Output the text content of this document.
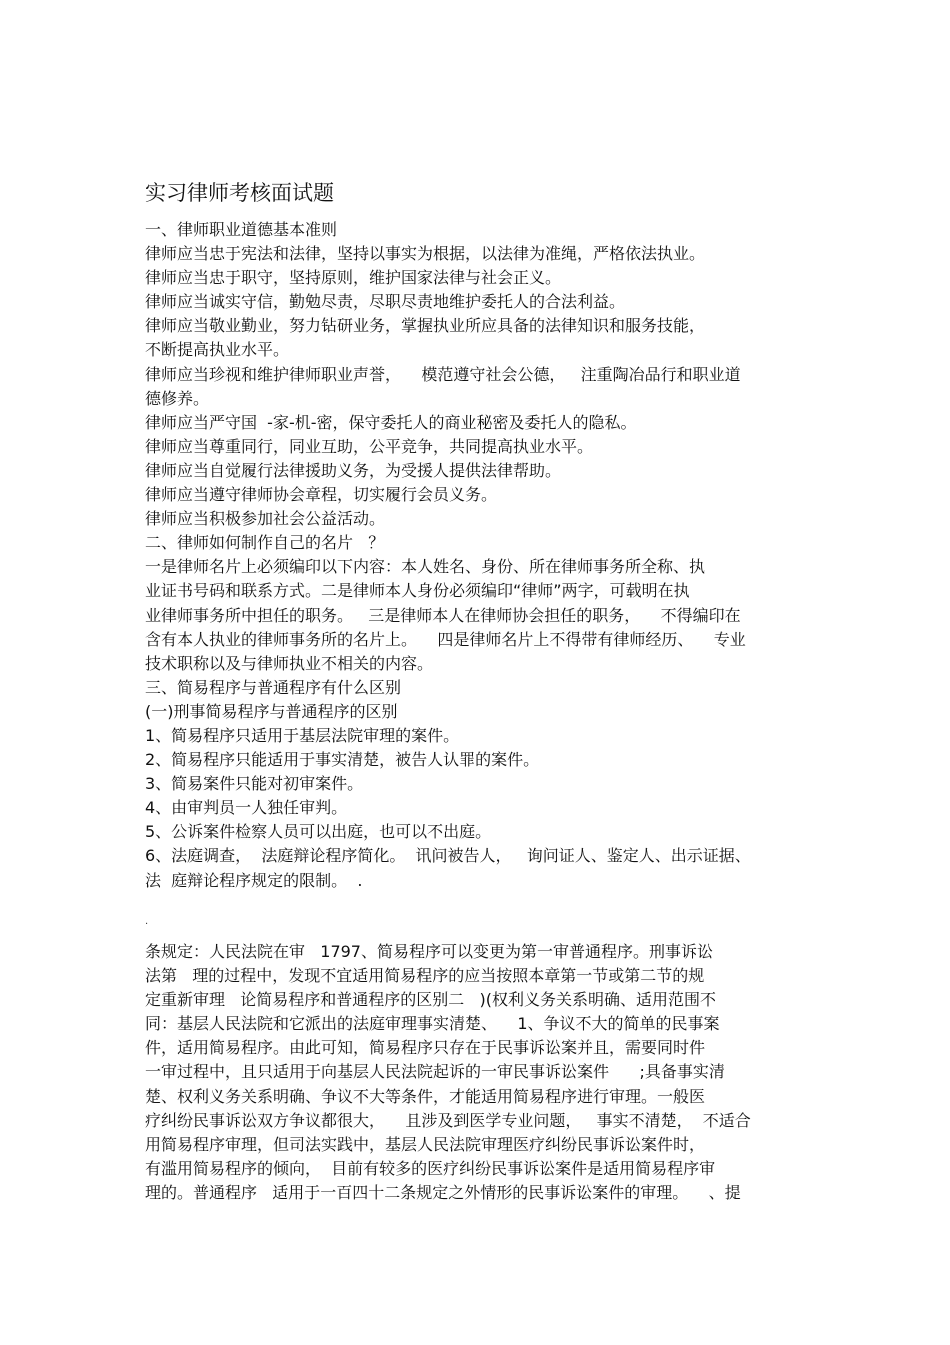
实习律师考核面试题
一、律师职业道德基本准则
律师应当忠于宪法和法律，坚持以事实为根据，以法律为准绳，严格依法执业。
律师应当忠于职守，坚持原则，维护国家法律与社会正义。
律师应当诚实守信，勤勉尽责，尽职尽责地维护委托人的合法利益。
律师应当敬业勤业，努力钻研业务，掌握执业所应具备的法律知识和服务技能，
不断提高执业水平。
律师应当珍视和维护律师职业声誉，    模范遵守社会公德，   注重陶冶品行和职业道
德修养。
律师应当严守国  -家-机-密，保守委托人的商业秘密及委托人的隐私。
律师应当尊重同行，同业互助，公平竞争，共同提高执业水平。
律师应当自觉履行法律援助义务，为受援人提供法律帮助。
律师应当遵守律师协会章程，切实履行会员义务。
律师应当积极参加社会公益活动。
二、律师如何制作自己的名片   ？
一是律师名片上必须编印以下内容：本人姓名、身份、所在律师事务所全称、执
业证书号码和联系方式。二是律师本人身份必须编印“律师”两字，可载明在执
业律师事务所中担任的职务。   三是律师本人在律师协会担任的职务，    不得编印在
含有本人执业的律师事务所的名片上。    四是律师名片上不得带有律师经历、    专业
技术职称以及与律师执业不相关的内容。
三、简易程序与普通程序有什么区别
(一)刑事简易程序与普通程序的区别
1、简易程序只适用于基层法院审理的案件。
2、简易程序只能适用于事实清楚，被告人认罪的案件。
3、简易案件只能对初审案件。
4、由审判员一人独任审判。
5、公诉案件检察人员可以出庭，也可以不出庭。
6、法庭调查，  法庭辩论程序简化。  讯问被告人，   询问证人、鉴定人、出示证据、
法  庭辩论程序规定的限制。  .
.
条规定：人民法院在审   1797、简易程序可以变更为第一审普通程序。刑事诉讼
法第   理的过程中，发现不宜适用简易程序的应当按照本章第一节或第二节的规
定重新审理   论简易程序和普通程序的区别二   )(权利义务关系明确、适用范围不
同：基层人民法院和它派出的法庭审理事实清楚、    1、争议不大的简单的民事案
件，适用简易程序。由此可知，简易程序只存在于民事诉讼案并且，需要同时件
一审过程中，且只适用于向基层人民法院起诉的一审民事诉讼案件      ;具备事实清
楚、权利义务关系明确、争议不大等条件，才能适用简易程序进行审理。一般医
疗纠纷民事诉讼双方争议都很大，    且涉及到医学专业问题，   事实不清楚，  不适合
用简易程序审理，但司法实践中，基层人民法院审理医疗纠纷民事诉讼案件时，
有滥用简易程序的倾向，  目前有较多的医疗纠纷民事诉讼案件是适用简易程序审
理的。普通程序   适用于一百四十二条规定之外情形的民事诉讼案件的审理。    、提
